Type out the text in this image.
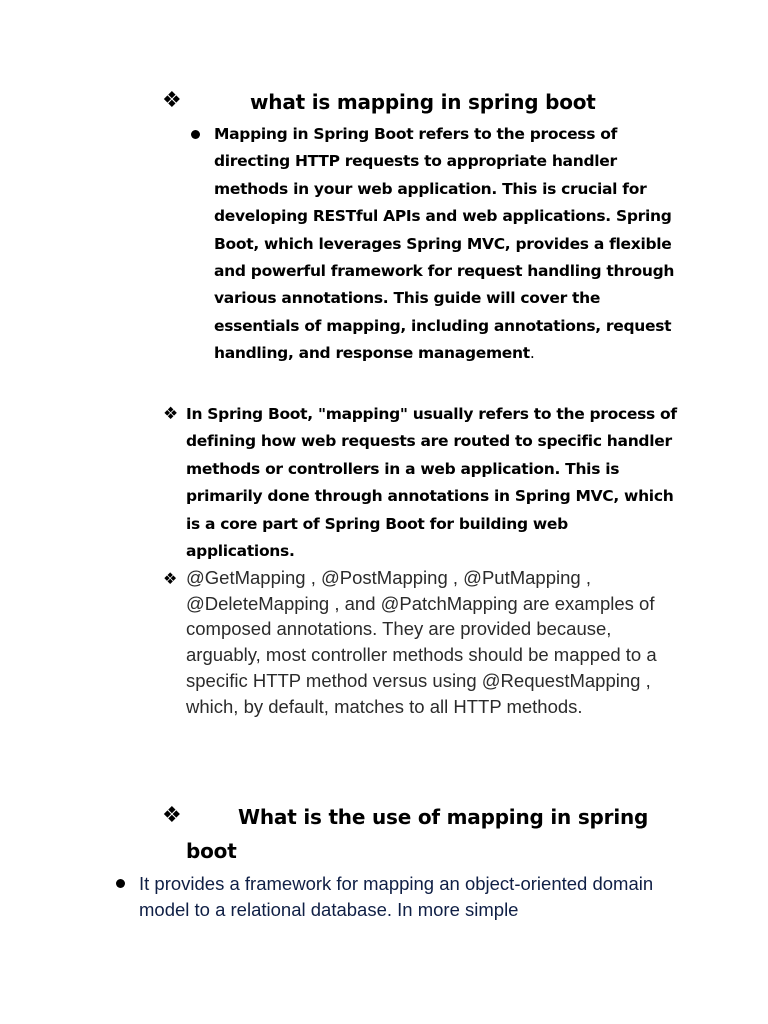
❖	what is mapping in spring boot
Mapping in Spring Boot refers to the process of directing HTTP requests to appropriate handler methods in your web application. This is crucial for developing RESTful APIs and web applications. Spring Boot, which leverages Spring MVC, provides a flexible and powerful framework for request handling through various annotations. This guide will cover the essentials of mapping, including annotations, request handling, and response management.
❖ In Spring Boot, "mapping" usually refers to the process of defining how web requests are routed to specific handler methods or controllers in a web application. This is primarily done through annotations in Spring MVC, which is a core part of Spring Boot for building web applications.
❖ @GetMapping , @PostMapping , @PutMapping , @DeleteMapping , and @PatchMapping are examples of composed annotations. They are provided because, arguably, most controller methods should be mapped to a specific HTTP method versus using @RequestMapping , which, by default, matches to all HTTP methods.
❖	What is the use of mapping in spring
boot
It provides a framework for mapping an object-oriented domain model to a relational database. In more simple
